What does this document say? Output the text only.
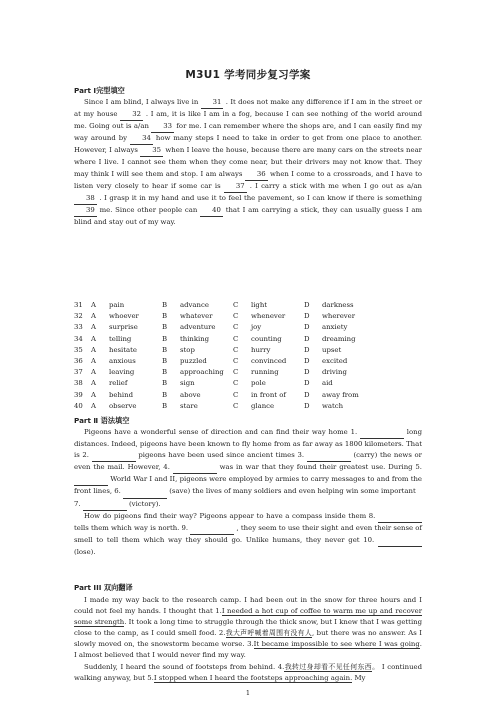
M3U1 学考同步复习学案
Part Ⅰ完型填空

Since I am blind, I always live in 31 . It does not make any difference if I am in the street or at my house 32 . I am, it is like I am in a fog, because I can see nothing of the world around me. Going out is a/an 33 for me. I can remember where the shops are, and I can easily find my way around by 34 how many steps I need to take in order to get from one place to another. However, I always 35 when I leave the house, because there are many cars on the streets near where I live. I cannot see them when they come near, but their drivers may not know that. They may think I will see them and stop. I am always 36 when I come to a crossroads, and I have to listen very closely to hear if some car is 37 . I carry a stick with me when I go out as a/an 38 . I grasp it in my hand and use it to feel the pavement, so I can know if there is something 39 me. Since other people can 40 that I am carrying a stick, they can usually guess I am blind and stay out of my way.

31	A	pain	B	advance	C	light	D	darkness
32	A	whoever	B	whatever	C	whenever	D	wherever
33	A	surprise	B	adventure	C	joy	D	anxiety
34	A	telling	B	thinking	C	counting	D	dreaming
35	A	hesitate	B	stop	C	hurry	D	upset
36	A	anxious	B	puzzled	C	convinced	D	excited
37	A	leaving	B	approaching	C	running	D	driving
38	A	relief	B	sign	C	pole	D	aid
39	A	behind	B	above	C	in front of	D	away from
40	A	observe	B	stare	C	glance	D	watch
Part Ⅱ 语法填空

Pigeons have a wonderful sense of direction and can find their way home 1.	long distances. Indeed, pigeons have been known to fly home from as far away as 1800 kilometers. That is 2.	pigeons have been used since ancient times 3.	(carry) the news or even the mail. However, 4.	was in war that they found their greatest use. During 5.   World War I and II, pigeons were employed by armies to carry messages to and from the front lines, 6.	(save) the lives of many soldiers and even helping win some important

7.	(victory).

How do pigeons find their way? Pigeons appear to have a compass inside them 8.   tells them which way is north. 9.	, they seem to use their sight and even their sense of smell to tell them which way they should go. Unlike humans, they never get 10.   (lose).

Part III 双向翻译

I made my way back to the research camp. I had been out in the snow for three hours and I could not feel my hands. I thought that 1.I needed a hot cup of coffee to warm me up and recover some strength. It took a long time to struggle through the thick snow, but I knew that I was getting close to the camp, as I could smell food. 2.我大声呼喊着周围有没有人, but there was no answer. As I slowly moved on, the snowstorm became worse. 3.It became impossible to see where I was going. I almost believed that I would never find my way.

Suddenly, I heard the sound of footsteps from behind. 4.我转过身却看不见任何东西。 I continued walking anyway, but 5.I stopped when I heard the footsteps approaching again. My

1
